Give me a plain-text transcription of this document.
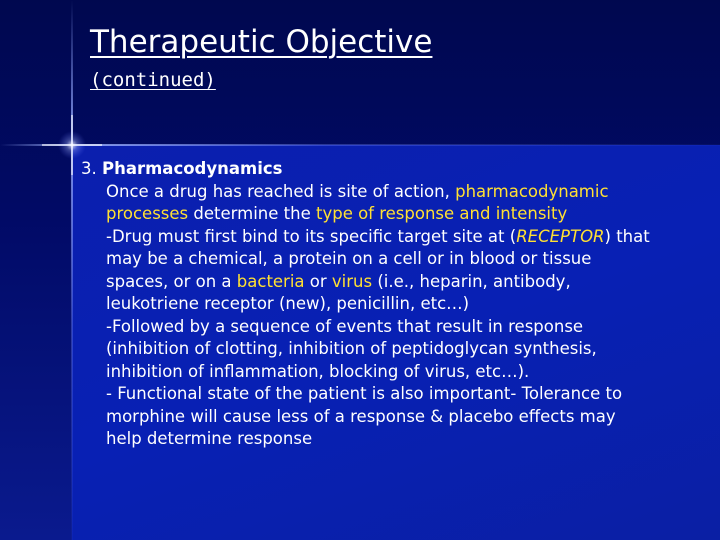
Therapeutic Objective
(continued)
3. Pharmacodynamics
Once a drug has reached is site of action, pharmacodynamic
processes determine the type of response and intensity
-Drug must first bind to its specific target site at (RECEPTOR) that
may be a chemical, a protein on a cell or in blood or tissue
spaces, or on a bacteria or virus (i.e., heparin, antibody,
leukotriene receptor (new), penicillin, etc…)
-Followed by a sequence of events that result in response
(inhibition of clotting, inhibition of peptidoglycan synthesis,
inhibition of inflammation, blocking of virus, etc…).
- Functional state of the patient is also important- Tolerance to
morphine will cause less of a response & placebo effects may
help determine response
